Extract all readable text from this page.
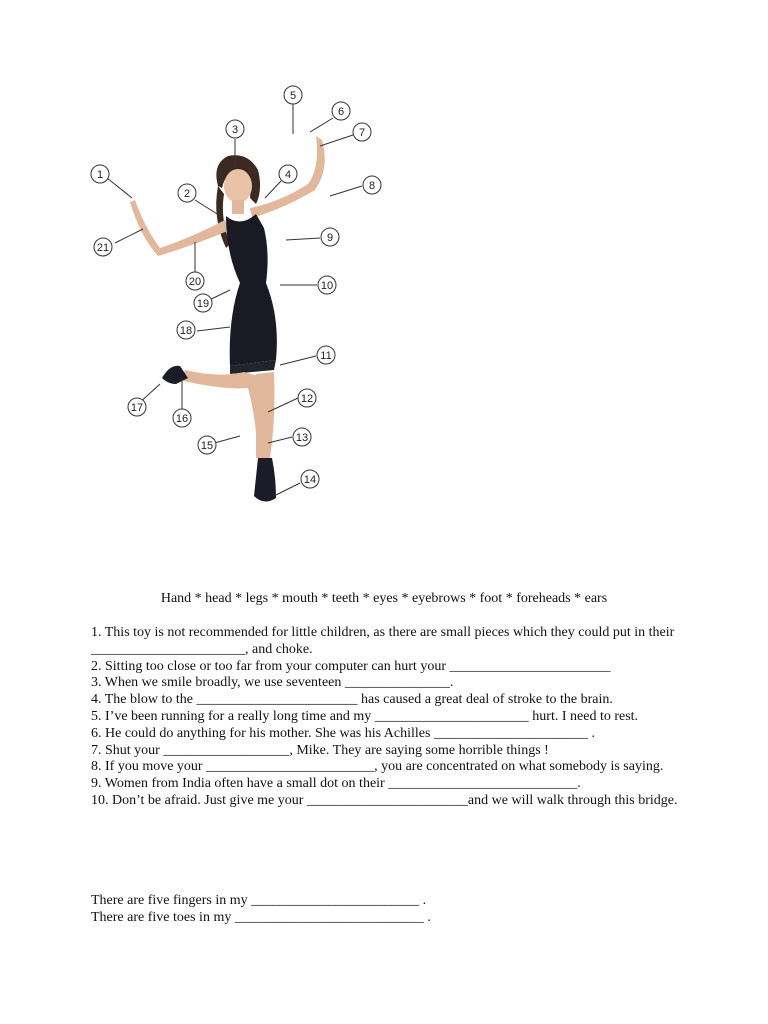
1
2
3
4
5
6
7
8
9
10
11
12
13
14
15
16
17
18
19
20
21
Hand * head * legs * mouth * teeth * eyes * eyebrows * foot * foreheads * ears

1. This toy is not recommended for little children, as there are small pieces which they could put in their ______________________, and choke.

2. Sitting too close or too far from your computer can hurt your _______________________

3. When we smile broadly, we use seventeen _______________.

4. The blow to the _______________________ has caused a great deal of stroke to the brain.

5. I’ve been running for a really long time and my ______________________ hurt. I need to rest.

6. He could do anything for his mother. She was his Achilles ______________________ .

7. Shut your __________________, Mike. They are saying some horrible things !

8. If you move your ________________________, you are concentrated on what somebody is saying.

9. Women from India often have a small dot on their ___________________________.

10. Don’t be afraid. Just give me your _______________________and we will walk through this bridge.

There are five fingers in my ________________________ .

There are five toes in my ___________________________ .
